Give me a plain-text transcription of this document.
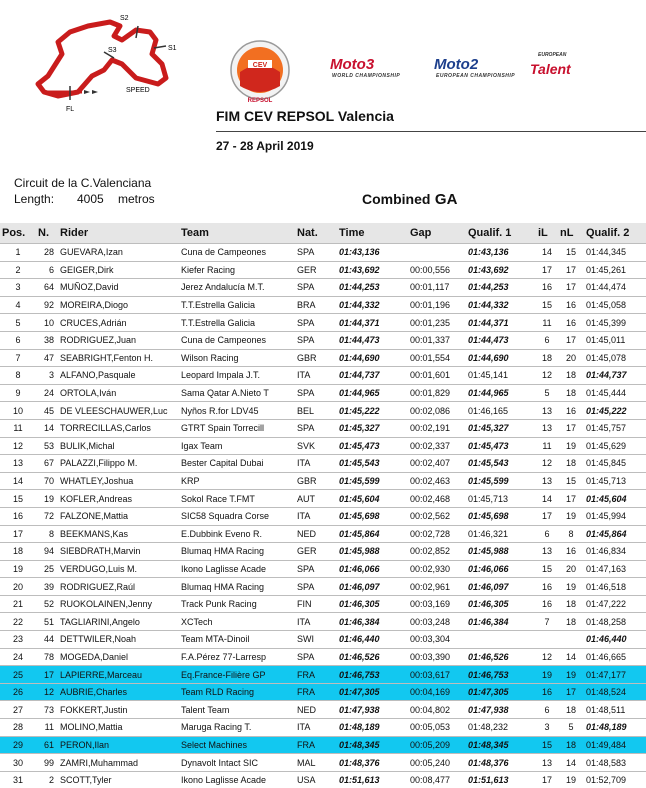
S2
S1
S3
SPEED
FL
CEV
REPSOL
Moto3
WORLD CHAMPIONSHIP
Moto2
EUROPEAN CHAMPIONSHIP
EUROPEAN
Talent
FIM CEV REPSOL Valencia
27 - 28 April 2019
Circuit de la C.Valenciana
Length: 4005 metros	Combined GA
Pos.	N.	Rider	Team	Nat.	Time	Gap	Qualif. 1	iL	nL	Qualif. 2
1	28	GUEVARA,Izan	Cuna de Campeones	SPA	01:43,136		01:43,136	14	15	01:44,345
2	6	GEIGER,Dirk	Kiefer Racing	GER	01:43,692	00:00,556	01:43,692	17	17	01:45,261
3	64	MUÑOZ,David	Jerez Andalucía M.T.	SPA	01:44,253	00:01,117	01:44,253	16	17	01:44,474
4	92	MOREIRA,Diogo	T.T.Estrella Galicia	BRA	01:44,332	00:01,196	01:44,332	15	16	01:45,058
5	10	CRUCES,Adrián	T.T.Estrella Galicia	SPA	01:44,371	00:01,235	01:44,371	11	16	01:45,399
6	38	RODRIGUEZ,Juan	Cuna de Campeones	SPA	01:44,473	00:01,337	01:44,473	6	17	01:45,011
7	47	SEABRIGHT,Fenton H.	Wilson Racing	GBR	01:44,690	00:01,554	01:44,690	18	20	01:45,078
8	3	ALFANO,Pasquale	Leopard Impala J.T.	ITA	01:44,737	00:01,601	01:45,141	12	18	01:44,737
9	24	ORTOLA,Iván	Sama Qatar A.Nieto T	SPA	01:44,965	00:01,829	01:44,965	5	18	01:45,444
10	45	DE VLEESCHAUWER,Luc	Nyños R.for LDV45	BEL	01:45,222	00:02,086	01:46,165	13	16	01:45,222
11	14	TORRECILLAS,Carlos	GTRT Spain Torrecill	SPA	01:45,327	00:02,191	01:45,327	13	17	01:45,757
12	53	BULIK,Michal	Igax Team	SVK	01:45,473	00:02,337	01:45,473	11	19	01:45,629
13	67	PALAZZI,Filippo M.	Bester Capital Dubai	ITA	01:45,543	00:02,407	01:45,543	12	18	01:45,845
14	70	WHATLEY,Joshua	KRP	GBR	01:45,599	00:02,463	01:45,599	13	15	01:45,713
15	19	KOFLER,Andreas	Sokol Race T.FMT	AUT	01:45,604	00:02,468	01:45,713	14	17	01:45,604
16	72	FALZONE,Mattia	SIC58 Squadra Corse	ITA	01:45,698	00:02,562	01:45,698	17	19	01:45,994
17	8	BEEKMANS,Kas	E.Dubbink Eveno R.	NED	01:45,864	00:02,728	01:46,321	6	8	01:45,864
18	94	SIEBDRATH,Marvin	Blumaq HMA Racing	GER	01:45,988	00:02,852	01:45,988	13	16	01:46,834
19	25	VERDUGO,Luis M.	Ikono Laglisse Acade	SPA	01:46,066	00:02,930	01:46,066	15	20	01:47,163
20	39	RODRIGUEZ,Raúl	Blumaq HMA Racing	SPA	01:46,097	00:02,961	01:46,097	16	19	01:46,518
21	52	RUOKOLAINEN,Jenny	Track Punk Racing	FIN	01:46,305	00:03,169	01:46,305	16	18	01:47,222
22	51	TAGLIARINI,Angelo	XCTech	ITA	01:46,384	00:03,248	01:46,384	7	18	01:48,258
23	44	DETTWILER,Noah	Team MTA-Dinoil	SWI	01:46,440	00:03,304				01:46,440
24	78	MOGEDA,Daniel	F.A.Pérez 77-Larresp	SPA	01:46,526	00:03,390	01:46,526	12	14	01:46,665
25	17	LAPIERRE,Marceau	Eq.France-Filière GP	FRA	01:46,753	00:03,617	01:46,753	19	19	01:47,177
26	12	AUBRIE,Charles	Team RLD Racing	FRA	01:47,305	00:04,169	01:47,305	16	17	01:48,524
27	73	FOKKERT,Justin	Talent Team	NED	01:47,938	00:04,802	01:47,938	6	18	01:48,511
28	11	MOLINO,Mattia	Maruga Racing T.	ITA	01:48,189	00:05,053	01:48,232	3	5	01:48,189
29	61	PERON,Ilan	Select Machines	FRA	01:48,345	00:05,209	01:48,345	15	18	01:49,484
30	99	ZAMRI,Muhammad	Dynavolt Intact SIC	MAL	01:48,376	00:05,240	01:48,376	13	14	01:48,583
31	2	SCOTT,Tyler	Ikono Laglisse Acade	USA	01:51,613	00:08,477	01:51,613	17	19	01:52,709
